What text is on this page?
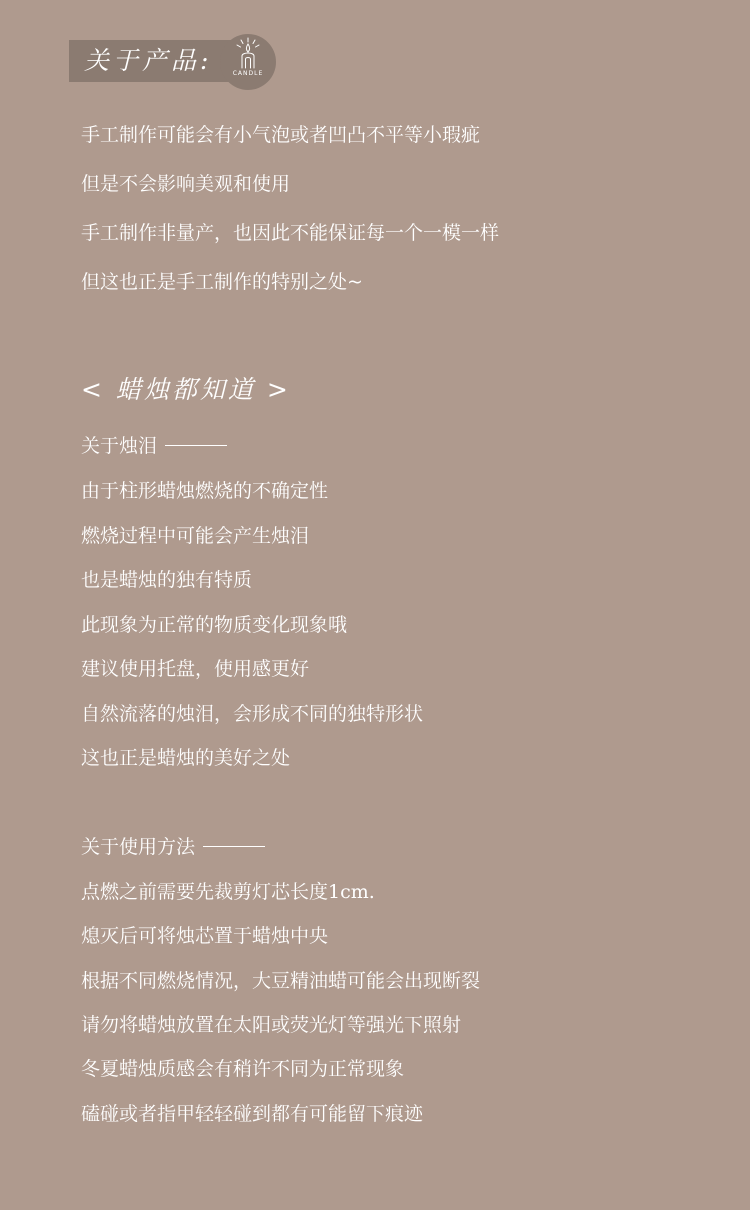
关于产品:	CANDLE
手工制作可能会有小气泡或者凹凸不平等小瑕疵
但是不会影响美观和使用
手工制作非量产，也因此不能保证每一个一模一样
但这也正是手工制作的特别之处~
< 蜡烛都知道 >
关于烛泪
由于柱形蜡烛燃烧的不确定性
燃烧过程中可能会产生烛泪
也是蜡烛的独有特质
此现象为正常的物质变化现象哦
建议使用托盘，使用感更好
自然流落的烛泪，会形成不同的独特形状
这也正是蜡烛的美好之处
关于使用方法
点燃之前需要先裁剪灯芯长度1cm.
熄灭后可将烛芯置于蜡烛中央
根据不同燃烧情况，大豆精油蜡可能会出现断裂
请勿将蜡烛放置在太阳或荧光灯等强光下照射
冬夏蜡烛质感会有稍许不同为正常现象
磕碰或者指甲轻轻碰到都有可能留下痕迹
